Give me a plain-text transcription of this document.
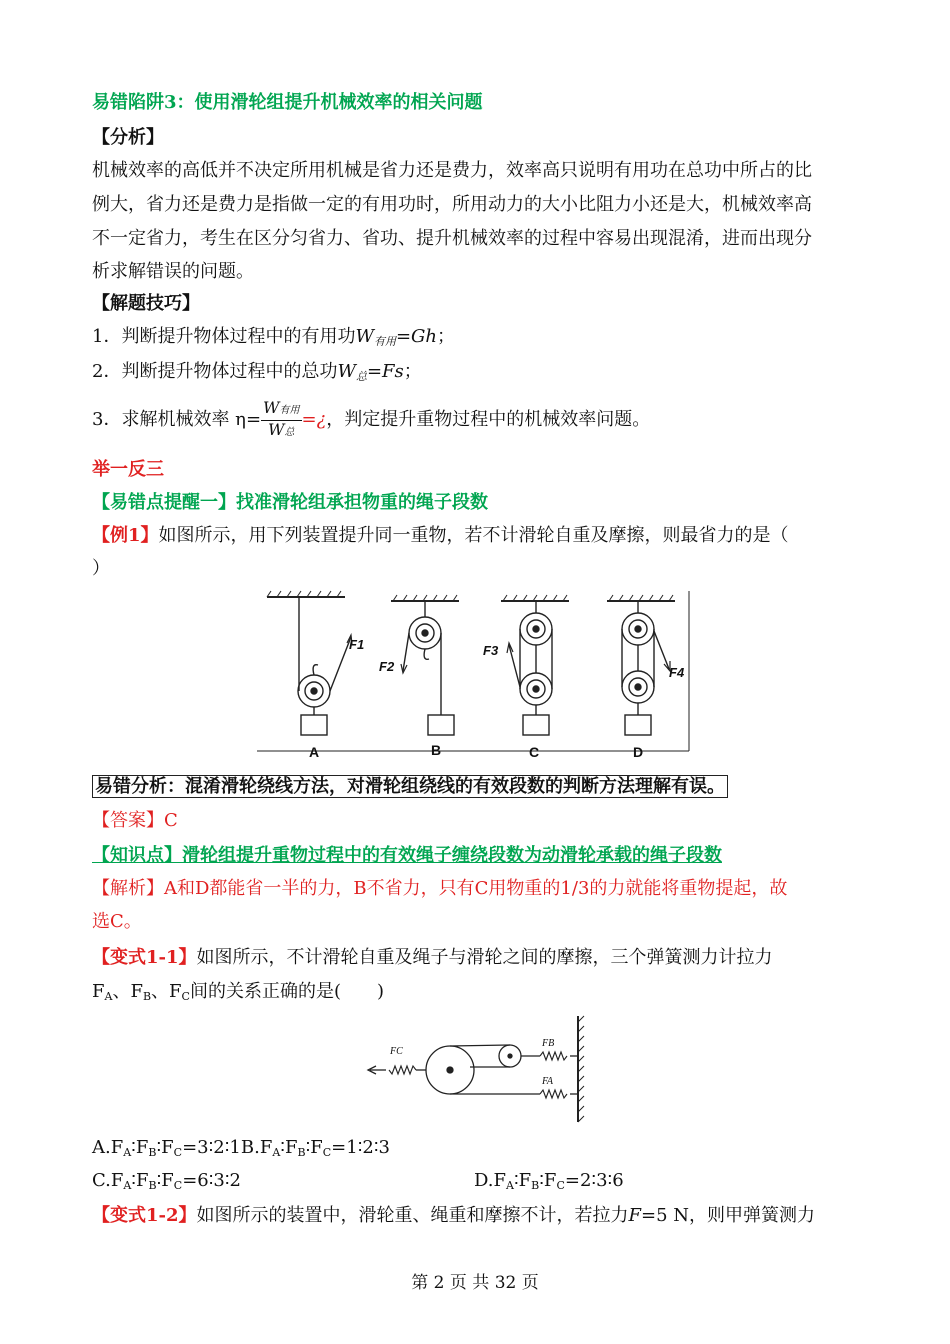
易错陷阱3：使用滑轮组提升机械效率的相关问题
【分析】
机械效率的高低并不决定所用机械是省力还是费力，效率高只说明有用功在总功中所占的比
例大，省力还是费力是指做一定的有用功时，所用动力的大小比阻力小还是大，机械效率高
不一定省力，考生在区分匀省力、省功、提升机械效率的过程中容易出现混淆，进而出现分
析求解错误的问题。
【解题技巧】
1．判断提升物体过程中的有用功$W_{有用}=Gh$；
2．判断提升物体过程中的总功$W_总=Fs$；
3．求解机械效率 $\eta= \frac{\text{W有用}}{\text{W总}}$ =¿，判定提升重物过程中的机械效率问题。
举一反三
【易错点提醒一】找准滑轮组承担物重的绳子段数
【例1】如图所示，用下列装置提升同一重物，若不计滑轮自重及摩擦，则最省力的是（
）
F1
F2
F3
F4
A	B	C	D
易错分析：混淆滑轮绕线方法，对滑轮组绕线的有效段数的判断方法理解有误。
【答案】C
【知识点】滑轮组提升重物过程中的有效绳子缠绕段数为动滑轮承载的绳子段数
【解析】A和D都能省一半的力，B不省力，只有C用物重的1/3的力就能将重物提起，故
选C。
【变式1-1】如图所示，不计滑轮自重及绳子与滑轮之间的摩擦，三个弹簧测力计拉力
$F_A$、$F_B$、$F_C$间的关系正确的是(　　)
FC
FB
FA
$A.F_A∶F_B∶F_C=3∶2∶1B.F_A∶F_B∶F_C=1∶2∶3$
$C.F_A∶F_B∶F_C=6∶3∶2$	$D.F_A∶F_B∶F_C=2∶3∶6$
【变式1-2】如图所示的装置中，滑轮重、绳重和摩擦不计，若拉力F=5 N，则甲弹簧测力
第 2 页 共 32 页
